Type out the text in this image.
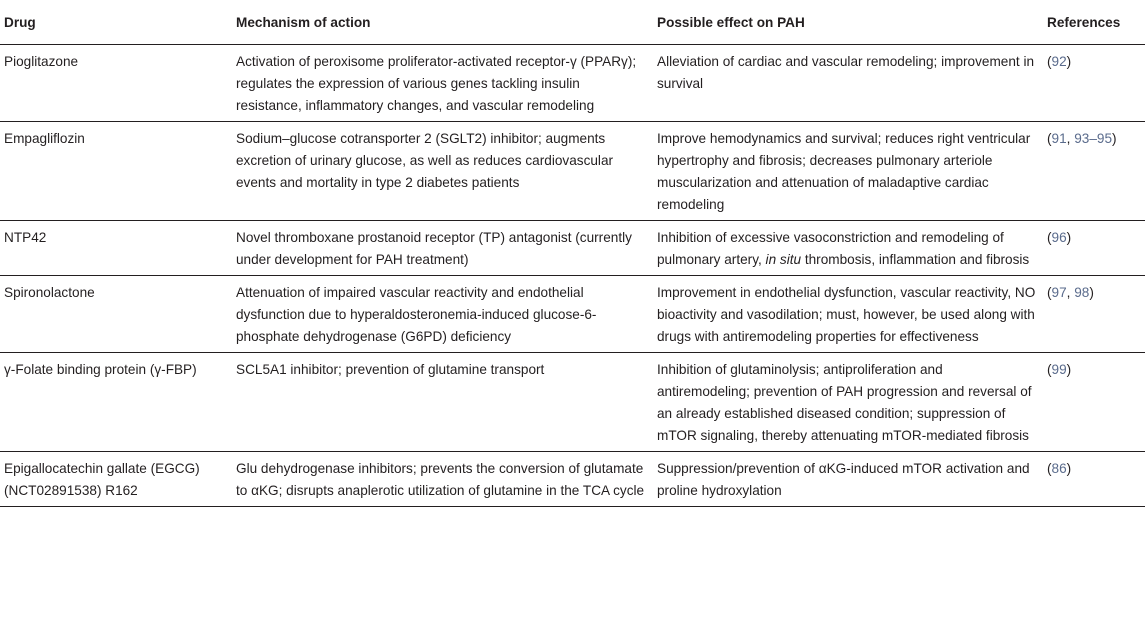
Drug	Mechanism of action	Possible effect on PAH	References
Pioglitazone	Activation of peroxisome proliferator-activated receptor-γ (PPARγ); regulates the expression of various genes tackling insulin resistance, inflammatory changes, and vascular remodeling	Alleviation of cardiac and vascular remodeling; improvement in survival	(92)
Empagliflozin	Sodium–glucose cotransporter 2 (SGLT2) inhibitor; augments excretion of urinary glucose, as well as reduces cardiovascular events and mortality in type 2 diabetes patients	Improve hemodynamics and survival; reduces right ventricular hypertrophy and fibrosis; decreases pulmonary arteriole muscularization and attenuation of maladaptive cardiac remodeling	(91, 93–95)
NTP42	Novel thromboxane prostanoid receptor (TP) antagonist (currently under development for PAH treatment)	Inhibition of excessive vasoconstriction and remodeling of pulmonary artery, in situ thrombosis, inflammation and fibrosis	(96)
Spironolactone	Attenuation of impaired vascular reactivity and endothelial dysfunction due to hyperaldosteronemia-induced glucose-6-phosphate dehydrogenase (G6PD) deficiency	Improvement in endothelial dysfunction, vascular reactivity, NO bioactivity and vasodilation; must, however, be used along with drugs with antiremodeling properties for effectiveness	(97, 98)
γ-Folate binding protein (γ-FBP)	SCL5A1 inhibitor; prevention of glutamine transport	Inhibition of glutaminolysis; antiproliferation and antiremodeling; prevention of PAH progression and reversal of an already established diseased condition; suppression of mTOR signaling, thereby attenuating mTOR-mediated fibrosis	(99)
Epigallocatechin gallate (EGCG) (NCT02891538) R162	Glu dehydrogenase inhibitors; prevents the conversion of glutamate to αKG; disrupts anaplerotic utilization of glutamine in the TCA cycle	Suppression/prevention of αKG-induced mTOR activation and proline hydroxylation	(86)
